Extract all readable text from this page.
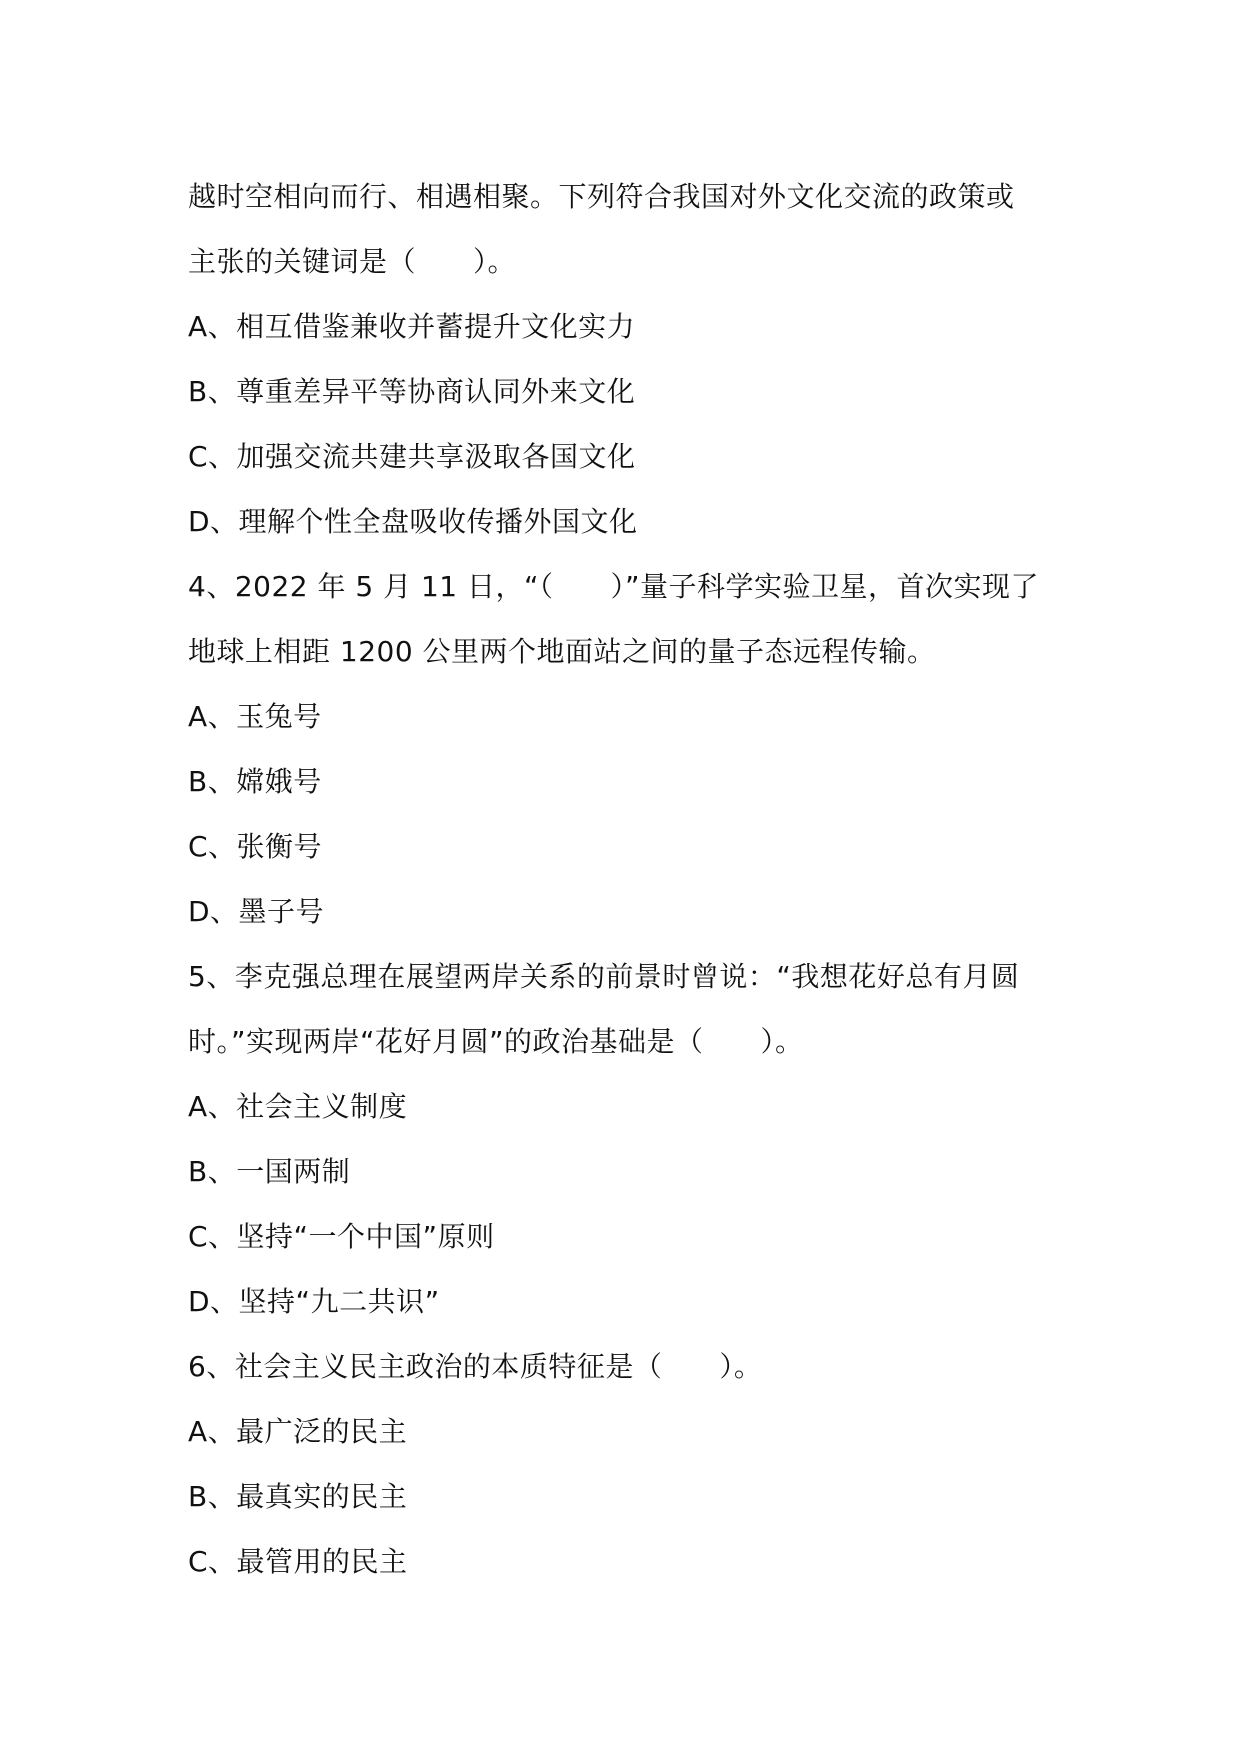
越时空相向而行、相遇相聚。下列符合我国对外文化交流的政策或
主张的关键词是（　　）。
A、相互借鉴兼收并蓄提升文化实力
B、尊重差异平等协商认同外来文化
C、加强交流共建共享汲取各国文化
D、理解个性全盘吸收传播外国文化
4、2022 年 5 月 11 日，“（　　）”量子科学实验卫星，首次实现了
地球上相距 1200 公里两个地面站之间的量子态远程传输。
A、玉兔号
B、嫦娥号
C、张衡号
D、墨子号
5、李克强总理在展望两岸关系的前景时曾说：“我想花好总有月圆
时。”实现两岸“花好月圆”的政治基础是（　　）。
A、社会主义制度
B、一国两制
C、坚持“一个中国”原则
D、坚持“九二共识”
6、社会主义民主政治的本质特征是（　　）。
A、最广泛的民主
B、最真实的民主
C、最管用的民主
